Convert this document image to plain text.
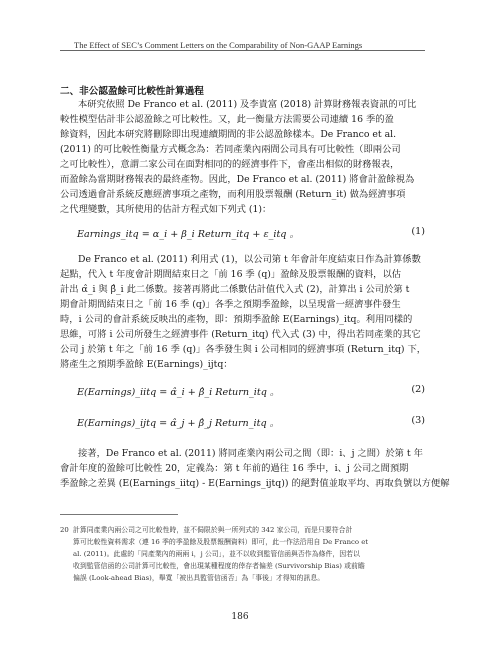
The Effect of SEC’s Comment Letters on the Comparability of Non-GAAP Earnings
二、非公認盈餘可比較性計算過程
本研究依照 De Franco et al. (2011) 及李貴富 (2018) 計算財務報表資訊的可比
較性模型估計非公認盈餘之可比較性。又，此一衡量方法需要公司連續 16 季的盈
餘資料，因此本研究將刪除即出現連續期間的非公認盈餘樣本。De Franco et al.
(2011) 的可比較性衡量方式概念為：若同產業內兩間公司具有可比較性（即兩公司
之可比較性），意謂二家公司在面對相同的的經濟事件下，會產出相似的財務報表，
而盈餘為當期財務報表的最終產物。因此，De Franco et al. (2011) 將會計盈餘視為
公司透過會計系統反應經濟事項之產物，而利用股票報酬 (Return_it) 做為經濟事項
之代理變數，其所使用的估計方程式如下列式 (1)：
Earnings_itq = α_i + β_i Return_itq + ε_itq 。	(1)
De Franco et al. (2011) 利用式 (1)，以公司第 t 年會計年度結束日作為計算係數
起點，代入 t 年度會計期間結束日之「前 16 季 (q)」盈餘及股票報酬的資料，以估
計出 α̂_i 與 β̂_i 此二係數。接著再將此二係數估計值代入式 (2)，計算出 i 公司於第 t
期會計期間結束日之「前 16 季 (q)」各季之預期季盈餘，以呈現當一經濟事件發生
時，i 公司的會計系統反映出的產物，即：預期季盈餘 E(Earnings)_itq。利用同樣的
思維，可將 i 公司所發生之經濟事件 (Return_itq) 代入式 (3) 中，得出若同產業的其它
公司 j 於第 t 年之「前 16 季 (q)」各季發生與 i 公司相同的經濟事項 (Return_itq) 下，
將產生之預期季盈餘 E(Earnings)_ijtq：
E(Earnings)_iitq = α̂_i + β̂_i Return_itq 。	(2)
E(Earnings)_ijtq = α̂_j + β̂_j Return_itq 。	(3)
接著，De Franco et al. (2011) 將同產業內兩公司之間（即：i、j 之間）於第 t 年
會計年度的盈餘可比較性 20，定義為：第 t 年前的過往 16 季中，i、j 公司之間預期
季盈餘之差異 (E(Earnings_iitq) - E(Earnings_ijtq)) 的絕對值並取平均、再取負號以方便解
20 計算同產業內兩公司之可比較性時，並不侷限於與一所列式的 342 家公司，而是只要符合計
算可比較性資料需求（連 16 季的季盈餘及股票報酬資料）即可，此一作法沿用自 De Franco et
al. (2011)。此處的「同產業內的兩兩 i，j 公司」，並不以收到監管信函與否作為條件，因若以
收到監管信函的公司計算可比較性，會出現某種程度的倖存者偏差 (Survivorship Bias) 或前瞻
偏誤 (Look-ahead Bias)，舉寬「被出具監管信函否」為「事後」才得知的訊息。
186
